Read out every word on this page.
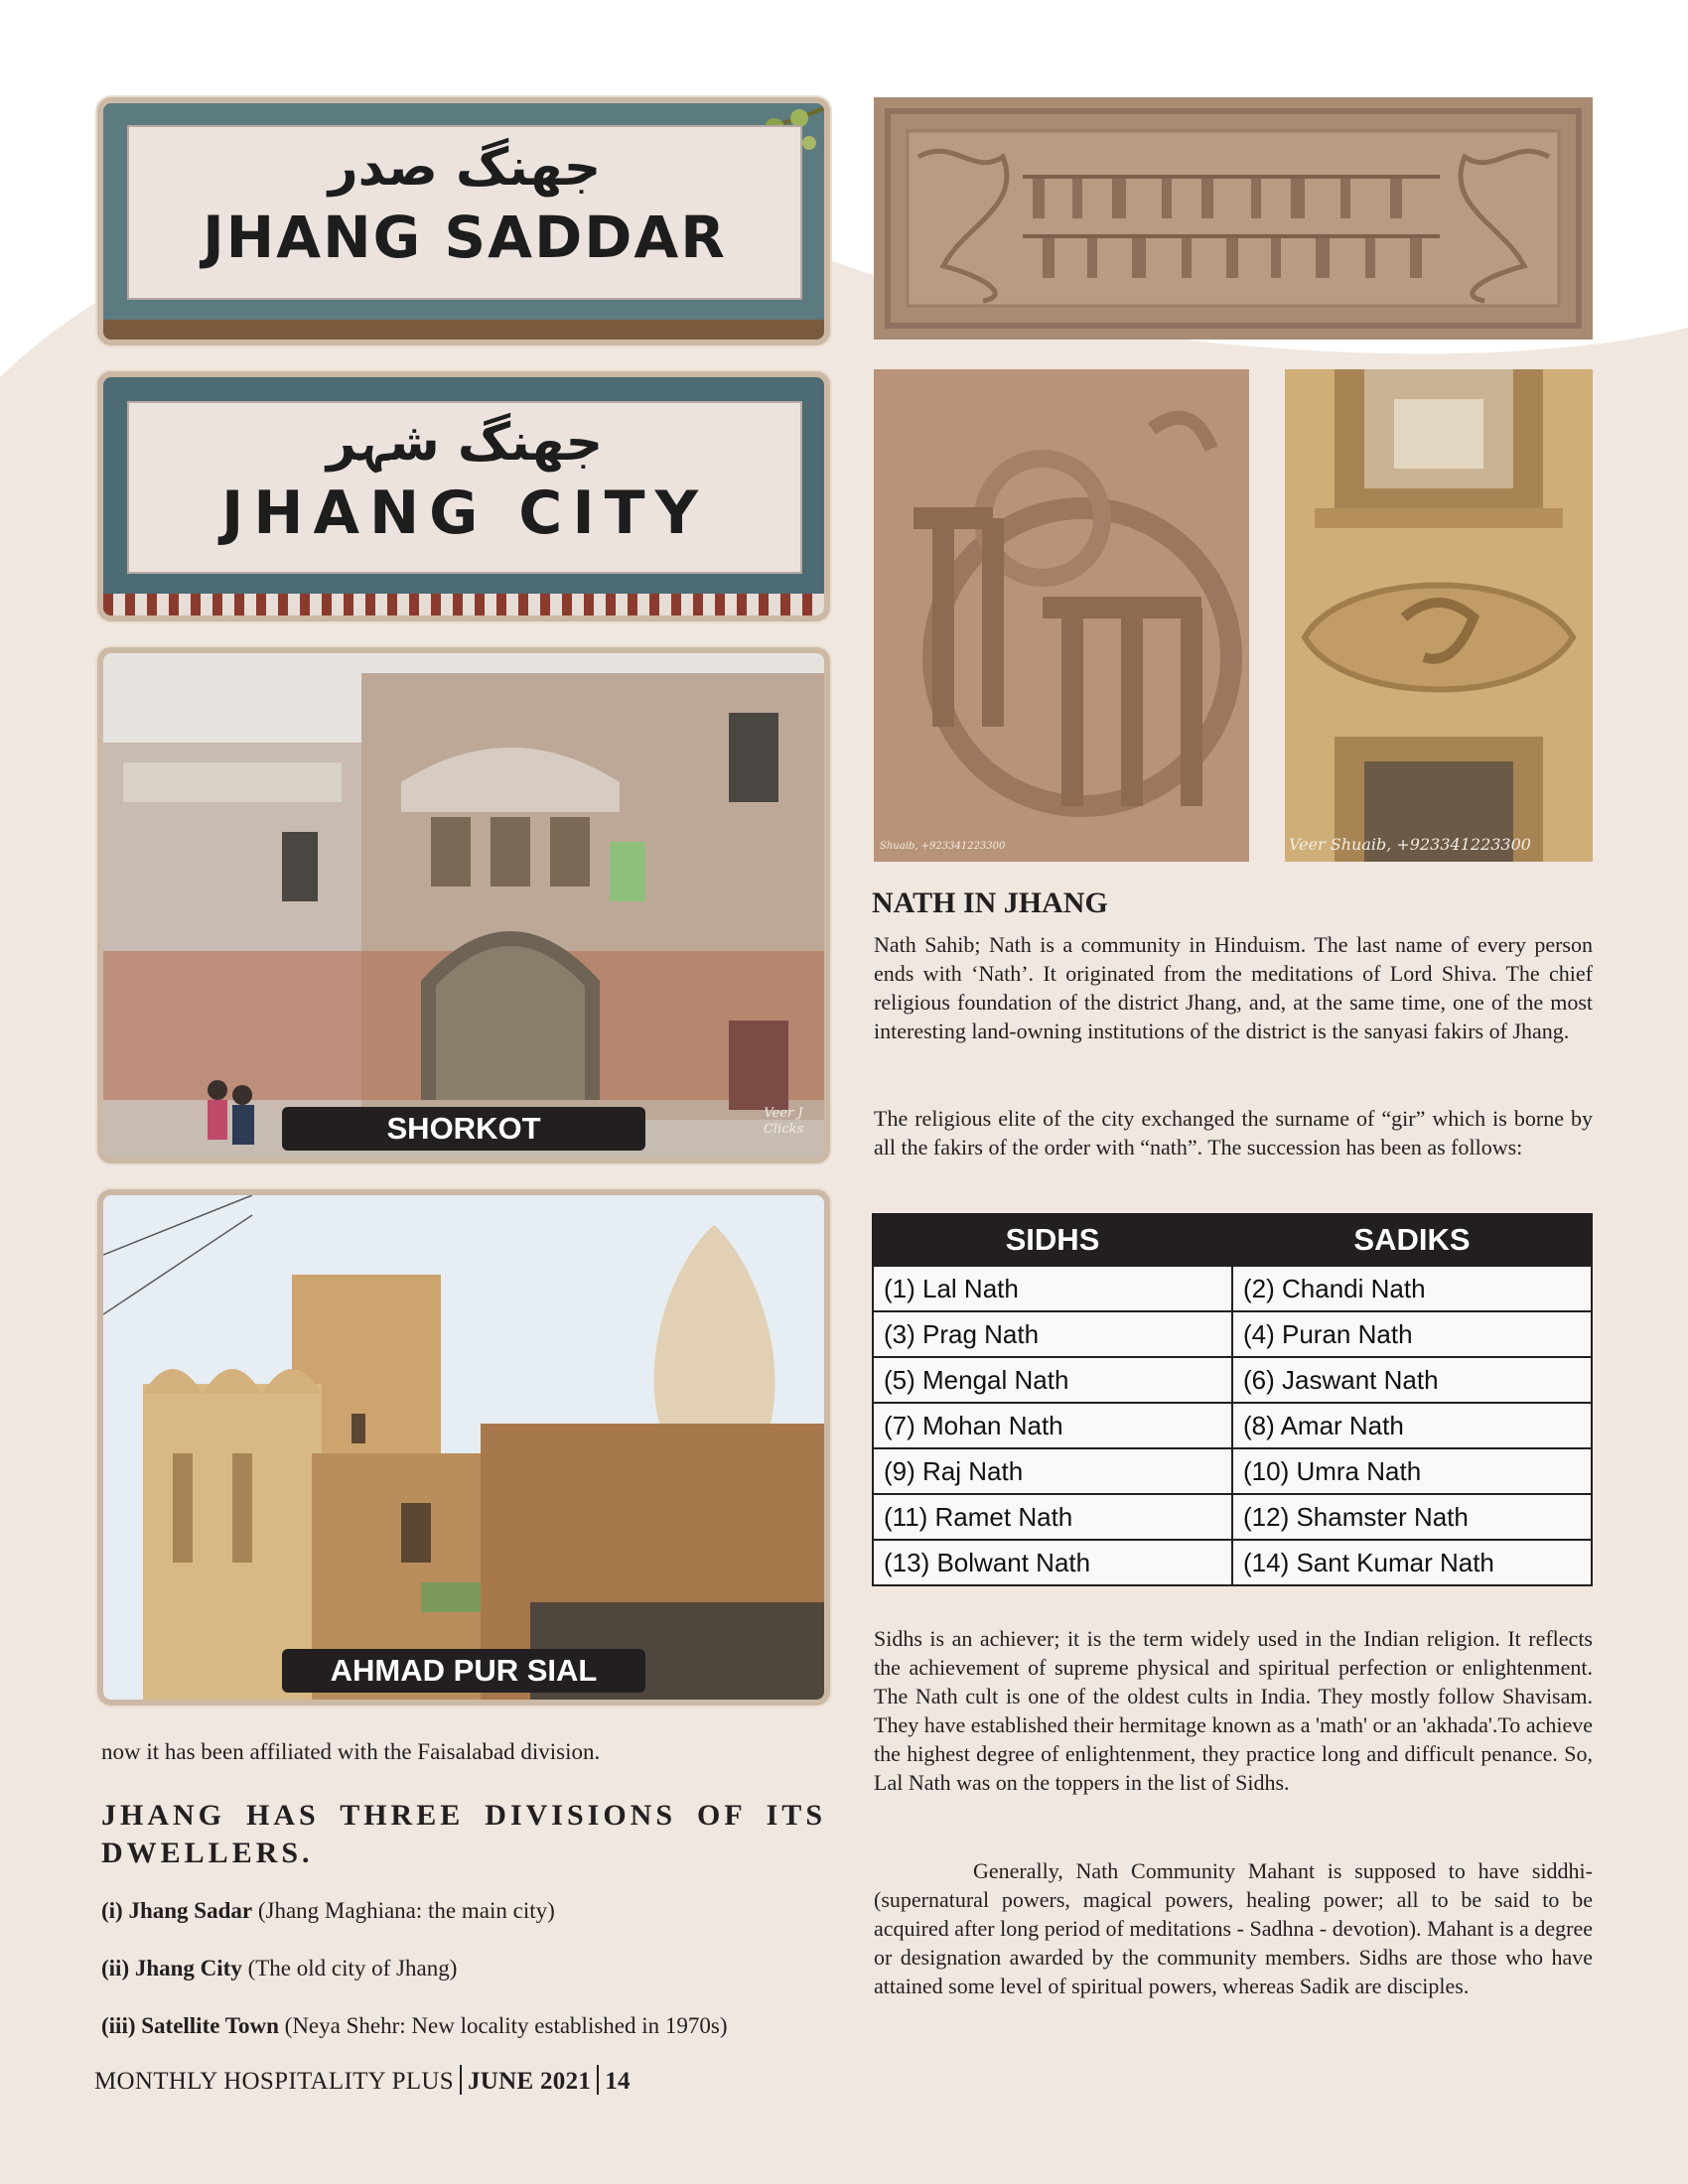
جھنگ صدر
JHANG SADDAR
جھنگ شہر
JHANG CITY
SHORKOT	Veer J Clicks
AHMAD PUR SIAL
Shuaib, +923341223300	Veer Shuaib, +923341223300
NATH IN JHANG
Nath Sahib; Nath is a community in Hinduism. The last name of every person ends with ‘Nath’. It originated from the meditations of Lord Shiva. The chief religious foundation of the district Jhang, and, at the same time, one of the most interesting land-owning institutions of the district is the sanyasi fakirs of Jhang.
The religious elite of the city exchanged the surname of “gir” which is borne by all the fakirs of the order with “nath”. The succession has been as follows:
SIDHS	SADIKS
(1) Lal Nath	(2) Chandi Nath
(3) Prag Nath	(4) Puran Nath
(5) Mengal Nath	(6) Jaswant Nath
(7) Mohan Nath	(8) Amar Nath
(9) Raj Nath	(10) Umra Nath
(11) Ramet Nath	(12) Shamster Nath
(13) Bolwant Nath	(14) Sant Kumar Nath
Sidhs is an achiever; it is the term widely used in the Indian religion. It reflects the achievement of supreme physical and spiritual perfection or enlightenment. The Nath cult is one of the oldest cults in India. They mostly follow Shavisam. They have established their hermitage known as a 'math' or an 'akhada'.To achieve the highest degree of enlightenment, they practice long and difficult penance. So, Lal Nath was on the toppers in the list of Sidhs.
Generally, Nath Community Mahant is supposed to have siddhi- (supernatural powers, magical powers, healing power; all to be said to be acquired after long period of meditations - Sadhna - devotion). Mahant is a degree or designation awarded by the community members. Sidhs are those who have attained some level of spiritual powers, whereas Sadik are disciples.
now it has been affiliated with the Faisalabad division.
JHANG HAS THREE DIVISIONS OF ITS DWELLERS.
(i) Jhang Sadar (Jhang Maghiana: the main city)
(ii) Jhang City (The old city of Jhang)
(iii) Satellite Town (Neya Shehr: New locality established in 1970s)
MONTHLY HOSPITALITY PLUS JUNE 2021 14
